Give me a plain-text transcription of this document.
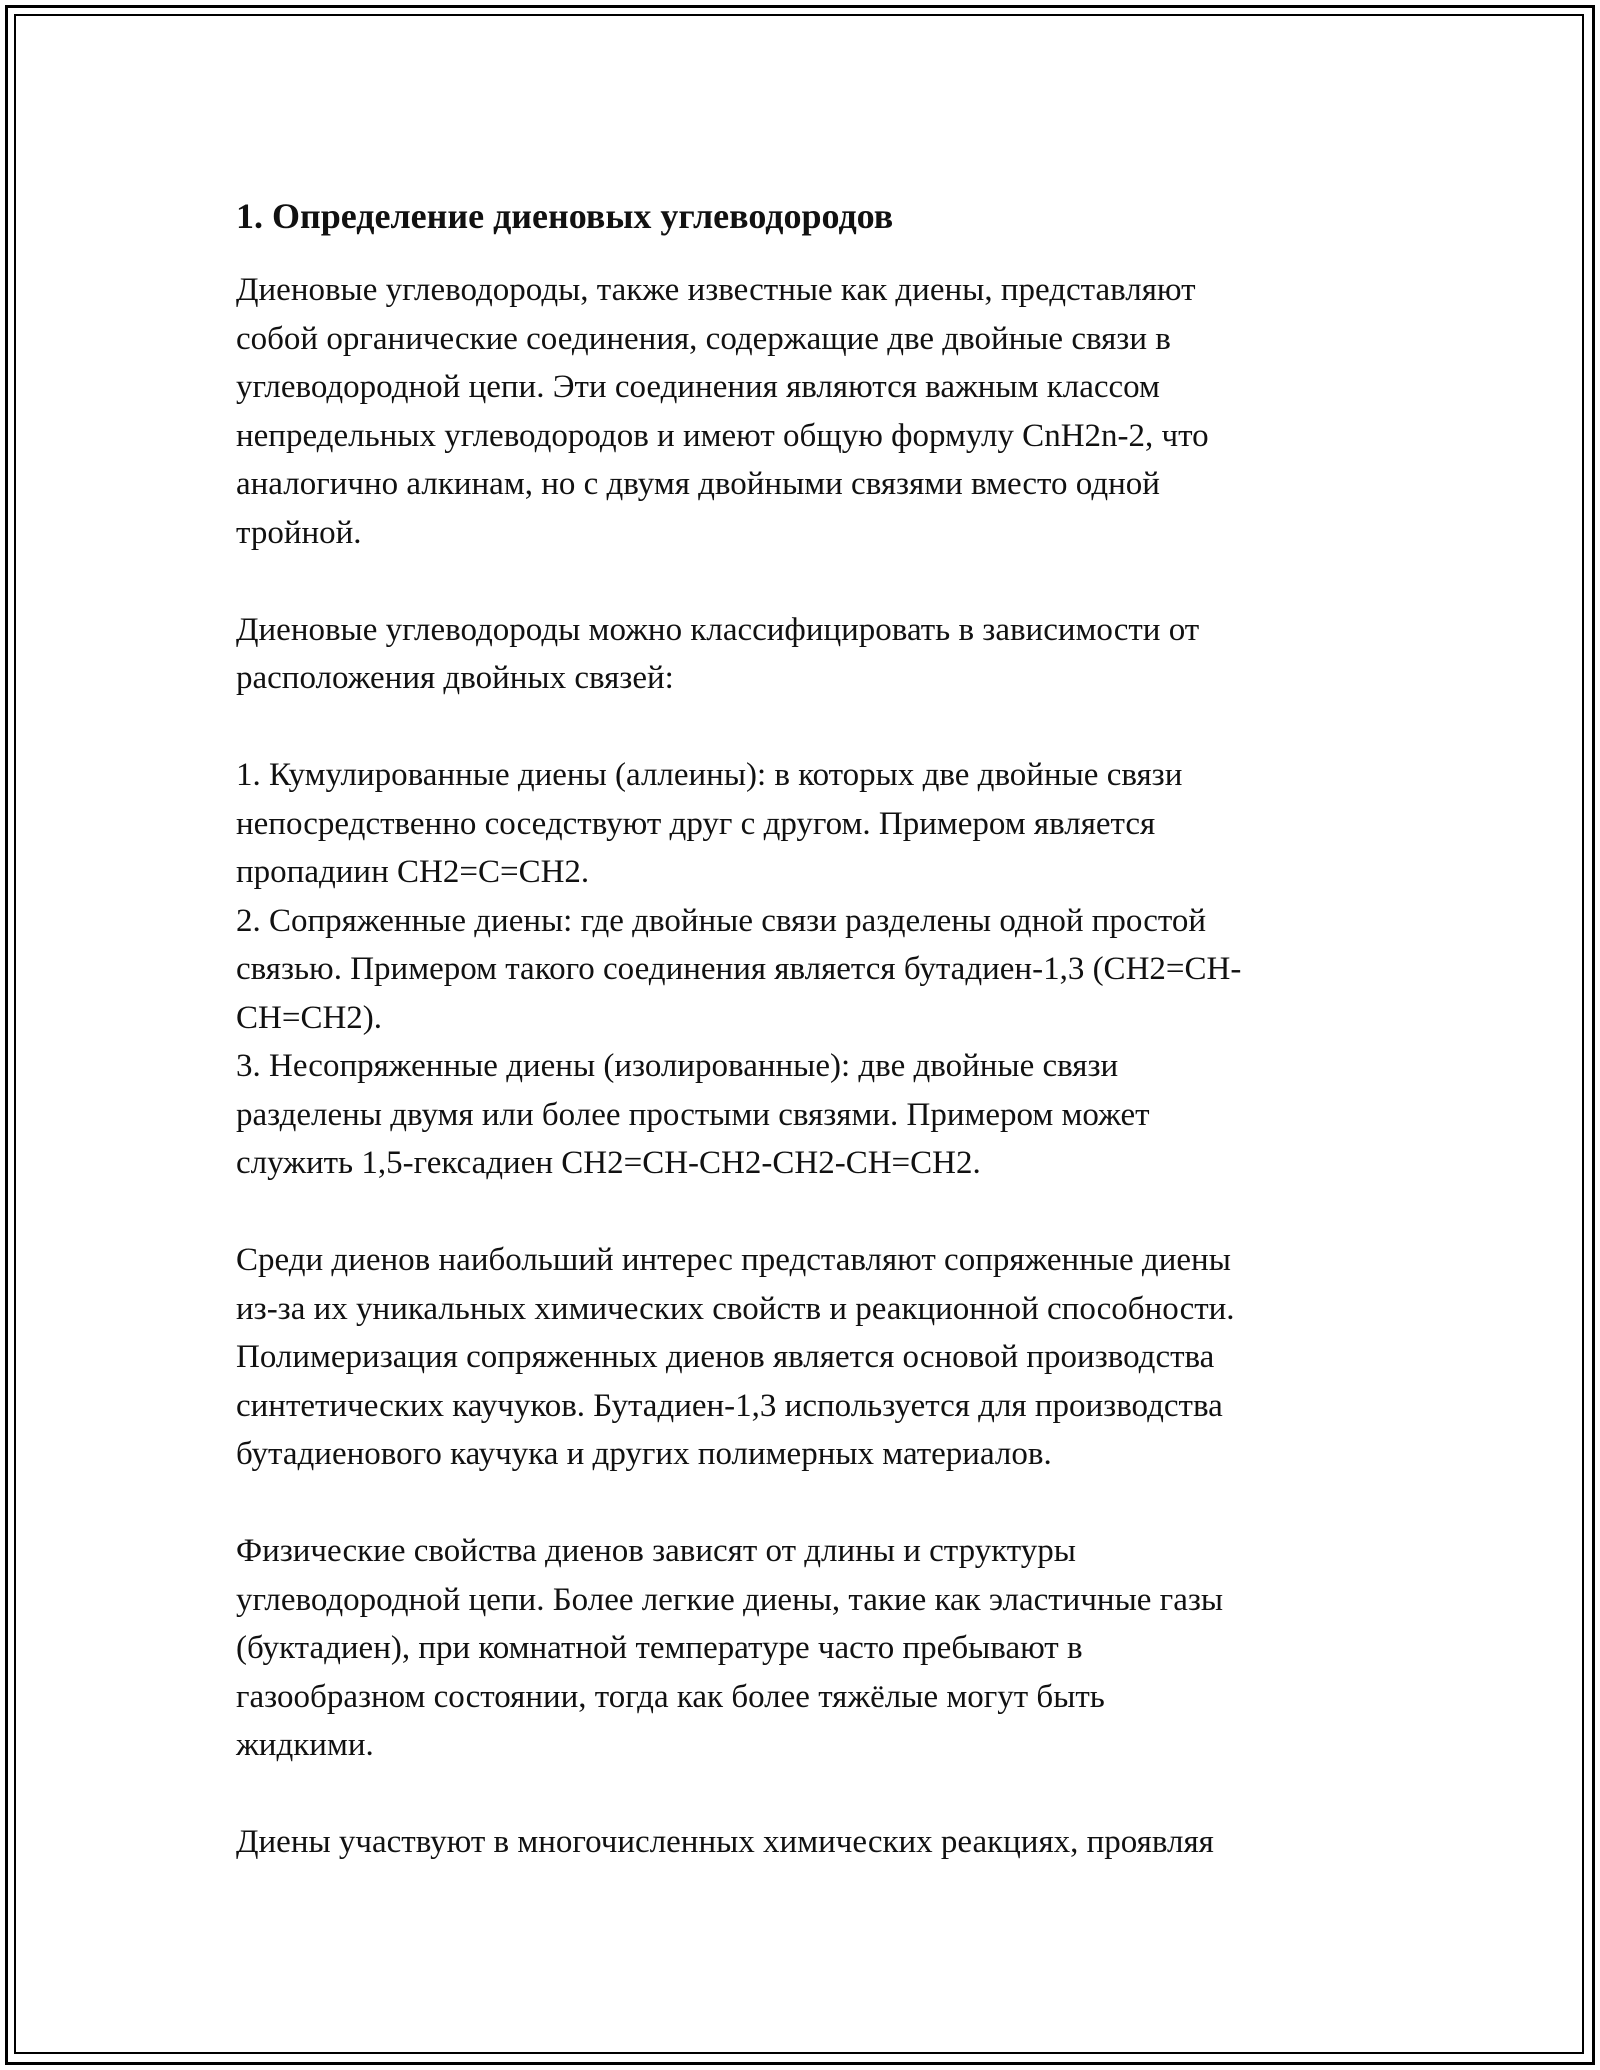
1. Определение диеновых углеводородов
Диеновые углеводороды, также известные как диены, представляют
собой органические соединения, содержащие две двойные связи в
углеводородной цепи. Эти соединения являются важным классом
непредельных углеводородов и имеют общую формулу CnH2n-2, что
аналогично алкинам, но с двумя двойными связями вместо одной
тройной.
Диеновые углеводороды можно классифицировать в зависимости от
расположения двойных связей:
1. Кумулированные диены (аллеины): в которых две двойные связи
непосредственно соседствуют друг с другом. Примером является
пропадиин CH2=C=CH2.
2. Сопряженные диены: где двойные связи разделены одной простой
связью. Примером такого соединения является бутадиен-1,3 (CH2=CH-
CH=CH2).
3. Несопряженные диены (изолированные): две двойные связи
разделены двумя или более простыми связями. Примером может
служить 1,5-гексадиен CH2=CH-CH2-CH2-CH=CH2.
Среди диенов наибольший интерес представляют сопряженные диены
из-за их уникальных химических свойств и реакционной способности.
Полимеризация сопряженных диенов является основой производства
синтетических каучуков. Бутадиен-1,3 используется для производства
бутадиенового каучука и других полимерных материалов.
Физические свойства диенов зависят от длины и структуры
углеводородной цепи. Более легкие диены, такие как эластичные газы
(буктадиен), при комнатной температуре часто пребывают в
газообразном состоянии, тогда как более тяжёлые могут быть
жидкими.
Диены участвуют в многочисленных химических реакциях, проявляя
